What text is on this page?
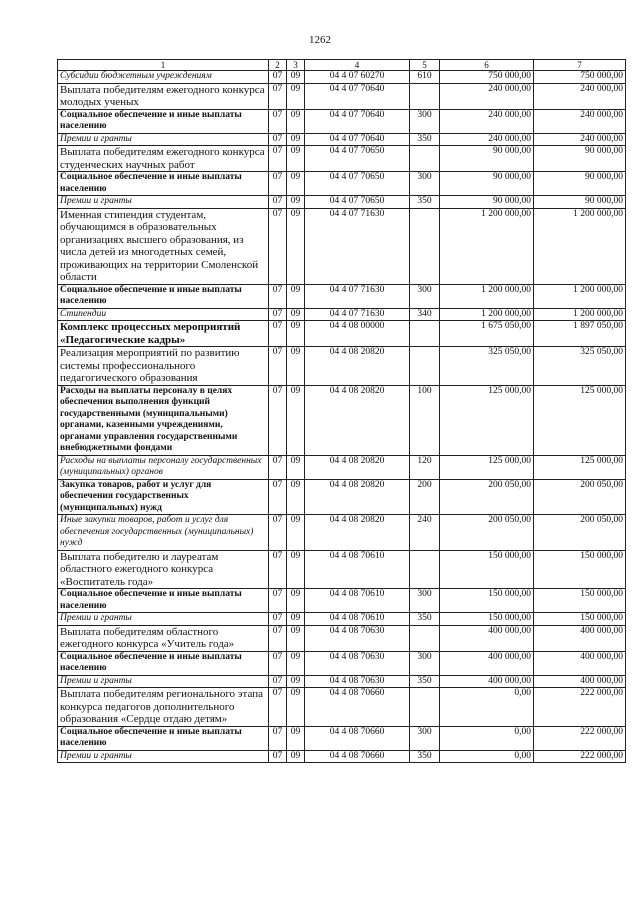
1262
1	2	3	4	5	6	7
Субсидии бюджетным учреждениям	07	09	04 4 07 60270	610	750 000,00	750 000,00
Выплата победителям ежегодного конкурса молодых ученых	07	09	04 4 07 70640		240 000,00	240 000,00
Социальное обеспечение и иные выплаты населению	07	09	04 4 07 70640	300	240 000,00	240 000,00
Премии и гранты	07	09	04 4 07 70640	350	240 000,00	240 000,00
Выплата победителям ежегодного конкурса студенческих научных работ	07	09	04 4 07 70650		90 000,00	90 000,00
Социальное обеспечение и иные выплаты населению	07	09	04 4 07 70650	300	90 000,00	90 000,00
Премии и гранты	07	09	04 4 07 70650	350	90 000,00	90 000,00
Именная стипендия студентам, обучающимся в образовательных организациях высшего образования, из числа детей из многодетных семей, проживающих на территории Смоленской области	07	09	04 4 07 71630		1 200 000,00	1 200 000,00
Социальное обеспечение и иные выплаты населению	07	09	04 4 07 71630	300	1 200 000,00	1 200 000,00
Стипендии	07	09	04 4 07 71630	340	1 200 000,00	1 200 000,00
Комплекс процессных мероприятий «Педагогические кадры»	07	09	04 4 08 00000		1 675 050,00	1 897 050,00
Реализация мероприятий по развитию системы профессионального педагогического образования	07	09	04 4 08 20820		325 050,00	325 050,00
Расходы на выплаты персоналу в целях обеспечения выполнения функций государственными (муниципальными) органами, казенными учреждениями, органами управления государственными внебюджетными фондами	07	09	04 4 08 20820	100	125 000,00	125 000,00
Расходы на выплаты персоналу государственных (муниципальных) органов	07	09	04 4 08 20820	120	125 000,00	125 000,00
Закупка товаров, работ и услуг для обеспечения государственных (муниципальных) нужд	07	09	04 4 08 20820	200	200 050,00	200 050,00
Иные закупки товаров, работ и услуг для обеспечения государственных (муниципальных) нужд	07	09	04 4 08 20820	240	200 050,00	200 050,00
Выплата победителю и лауреатам областного ежегодного конкурса «Воспитатель года»	07	09	04 4 08 70610		150 000,00	150 000,00
Социальное обеспечение и иные выплаты населению	07	09	04 4 08 70610	300	150 000,00	150 000,00
Премии и гранты	07	09	04 4 08 70610	350	150 000,00	150 000,00
Выплата победителям областного ежегодного конкурса «Учитель года»	07	09	04 4 08 70630		400 000,00	400 000,00
Социальное обеспечение и иные выплаты населению	07	09	04 4 08 70630	300	400 000,00	400 000,00
Премии и гранты	07	09	04 4 08 70630	350	400 000,00	400 000,00
Выплата победителям регионального этапа конкурса педагогов дополнительного образования «Сердце отдаю детям»	07	09	04 4 08 70660		0,00	222 000,00
Социальное обеспечение и иные выплаты населению	07	09	04 4 08 70660	300	0,00	222 000,00
Премии и гранты	07	09	04 4 08 70660	350	0,00	222 000,00
